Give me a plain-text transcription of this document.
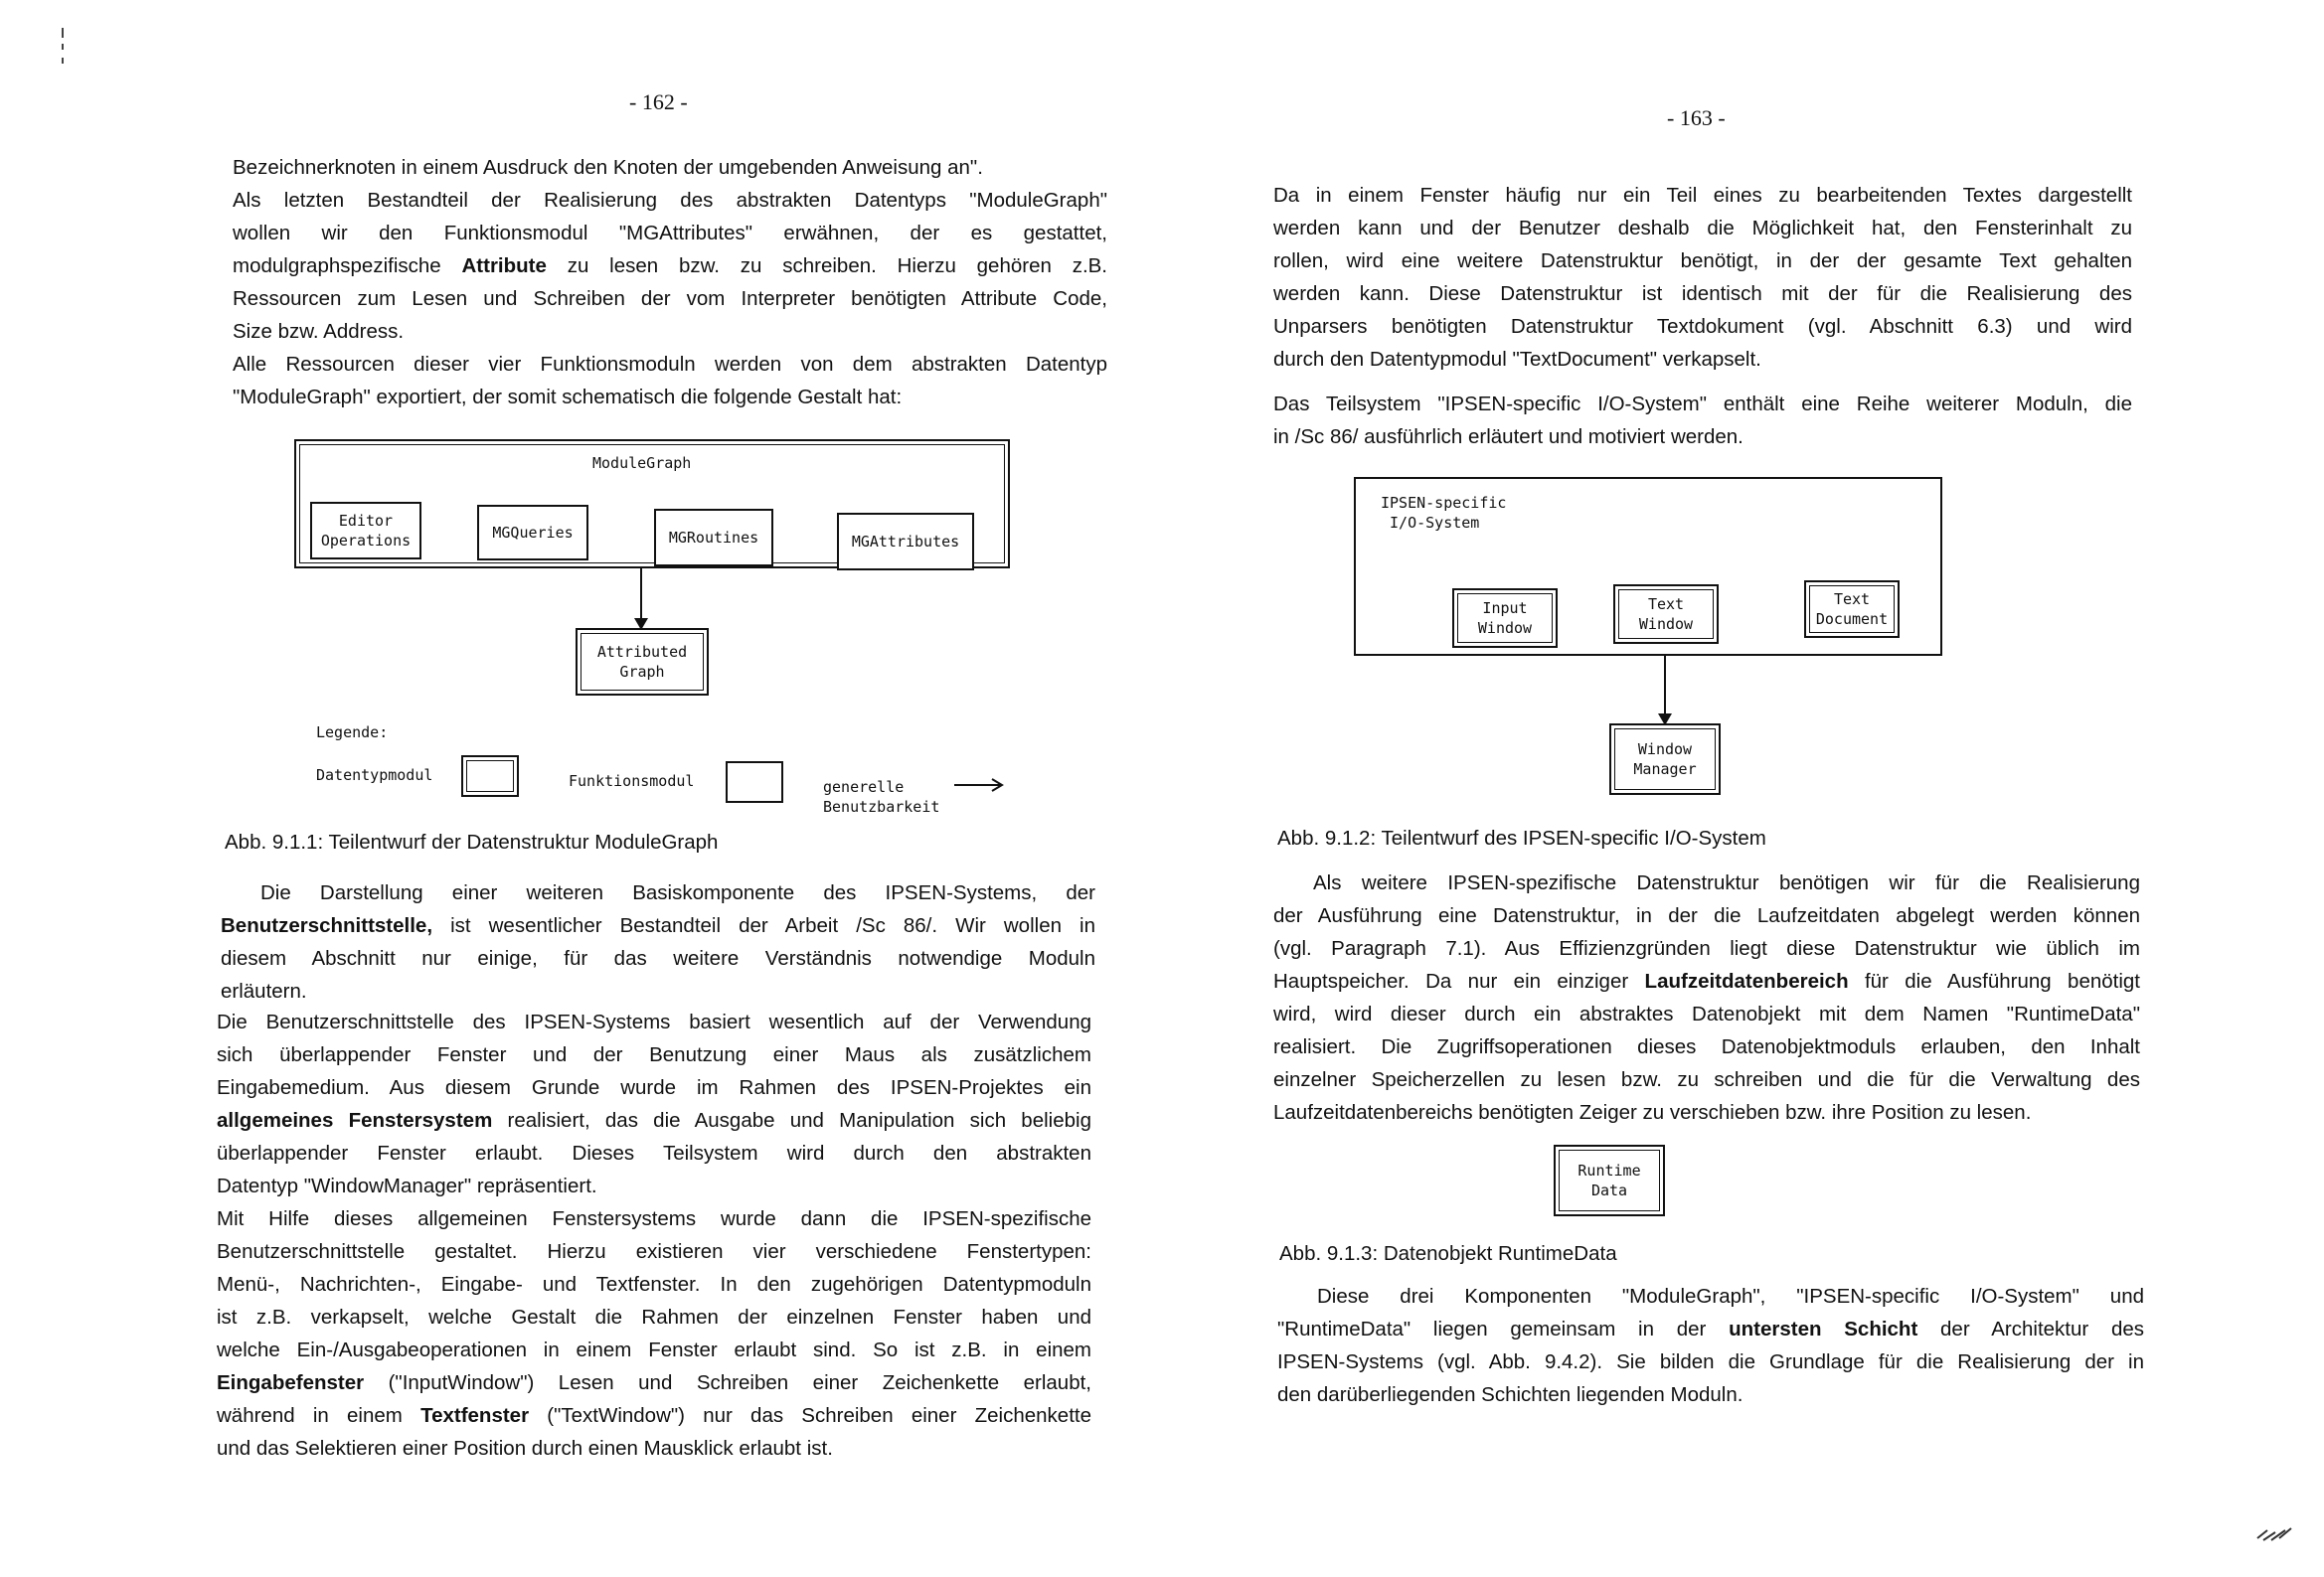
- 162 -
Bezeichnerknoten in einem Ausdruck den Knoten der umgebenden Anweisung an".
Als letzten Bestandteil der Realisierung des abstrakten Datentyps "ModuleGraph"
wollen wir den Funktionsmodul "MGAttributes" erwähnen, der es gestattet,
modulgraphspezifische Attribute zu lesen bzw. zu schreiben. Hierzu gehören z.B.
Ressourcen zum Lesen und Schreiben der vom Interpreter benötigten Attribute Code,
Size bzw. Address.
Alle Ressourcen dieser vier Funktionsmoduln werden von dem abstrakten Datentyp
"ModuleGraph" exportiert, der somit schematisch die folgende Gestalt hat:
ModuleGraph
Editor
Operations	MGQueries	MGRoutines	MGAttributes
Attributed
Graph
Legende:
Datentypmodul	Funktionsmodul	generelle
Benutzbarkeit
Abb. 9.1.1: Teilentwurf der Datenstruktur ModuleGraph
Die Darstellung einer weiteren Basiskomponente des IPSEN-Systems, der
Benutzerschnittstelle, ist wesentlicher Bestandteil der Arbeit /Sc 86/. Wir wollen in
diesem Abschnitt nur einige, für das weitere Verständnis notwendige Moduln
erläutern.
Die Benutzerschnittstelle des IPSEN-Systems basiert wesentlich auf der Verwendung
sich überlappender Fenster und der Benutzung einer Maus als zusätzlichem
Eingabemedium. Aus diesem Grunde wurde im Rahmen des IPSEN-Projektes ein
allgemeines Fenstersystem realisiert, das die Ausgabe und Manipulation sich beliebig
überlappender Fenster erlaubt. Dieses Teilsystem wird durch den abstrakten
Datentyp "WindowManager" repräsentiert.
Mit Hilfe dieses allgemeinen Fenstersystems wurde dann die IPSEN-spezifische
Benutzerschnittstelle gestaltet. Hierzu existieren vier verschiedene Fenstertypen:
Menü-, Nachrichten-, Eingabe- und Textfenster. In den zugehörigen Datentypmoduln
ist z.B. verkapselt, welche Gestalt die Rahmen der einzelnen Fenster haben und
welche Ein-/Ausgabeoperationen in einem Fenster erlaubt sind. So ist z.B. in einem
Eingabefenster ("InputWindow") Lesen und Schreiben einer Zeichenkette erlaubt,
während in einem Textfenster ("TextWindow") nur das Schreiben einer Zeichenkette
und das Selektieren einer Position durch einen Mausklick erlaubt ist.
- 163 -
Da in einem Fenster häufig nur ein Teil eines zu bearbeitenden Textes dargestellt
werden kann und der Benutzer deshalb die Möglichkeit hat, den Fensterinhalt zu
rollen, wird eine weitere Datenstruktur benötigt, in der der gesamte Text gehalten
werden kann. Diese Datenstruktur ist identisch mit der für die Realisierung des
Unparsers benötigten Datenstruktur Textdokument (vgl. Abschnitt 6.3) und wird
durch den Datentypmodul "TextDocument" verkapselt.
Das Teilsystem "IPSEN-specific I/O-System" enthält eine Reihe weiterer Moduln, die
in /Sc 86/ ausführlich erläutert und motiviert werden.
IPSEN-specific
I/O-System
Input
Window
Text
Window
Text
Document
Window
Manager
Abb. 9.1.2: Teilentwurf des IPSEN-specific I/O-System
Als weitere IPSEN-spezifische Datenstruktur benötigen wir für die Realisierung
der Ausführung eine Datenstruktur, in der die Laufzeitdaten abgelegt werden können
(vgl. Paragraph 7.1). Aus Effizienzgründen liegt diese Datenstruktur wie üblich im
Hauptspeicher. Da nur ein einziger Laufzeitdatenbereich für die Ausführung benötigt
wird, wird dieser durch ein abstraktes Datenobjekt mit dem Namen "RuntimeData"
realisiert. Die Zugriffsoperationen dieses Datenobjektmoduls erlauben, den Inhalt
einzelner Speicherzellen zu lesen bzw. zu schreiben und die für die Verwaltung des
Laufzeitdatenbereichs benötigten Zeiger zu verschieben bzw. ihre Position zu lesen.
Runtime
Data
Abb. 9.1.3: Datenobjekt RuntimeData
Diese drei Komponenten "ModuleGraph", "IPSEN-specific I/O-System" und
"RuntimeData" liegen gemeinsam in der untersten Schicht der Architektur des
IPSEN-Systems (vgl. Abb. 9.4.2). Sie bilden die Grundlage für die Realisierung der in
den darüberliegenden Schichten liegenden Moduln.
